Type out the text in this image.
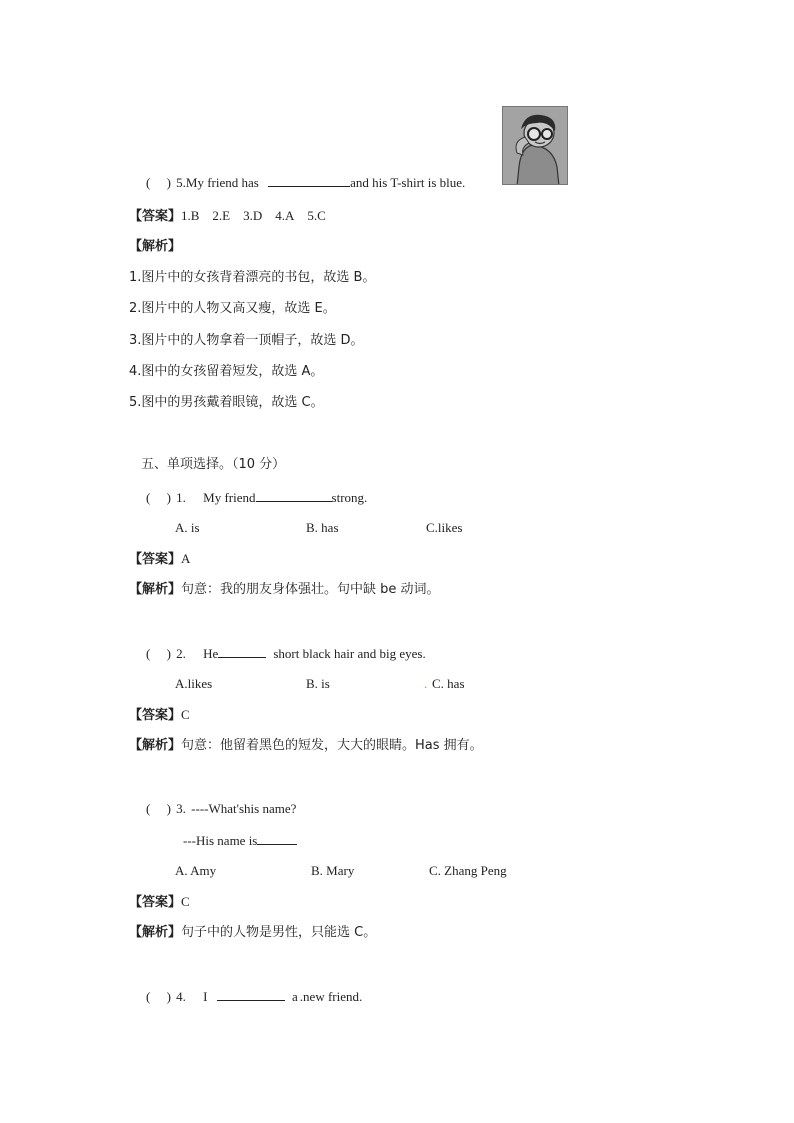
(     ) 5.My friend has	and his T-shirt is blue.
【答案】1.B    2.E    3.D    4.A    5.C
【解析】
1.图片中的女孩背着漂亮的书包，故选 B。
2.图片中的人物又高又瘦，故选 E。
3.图片中的人物拿着一顶帽子，故选 D。
4.图中的女孩留着短发，故选 A。
5.图中的男孩戴着眼镜，故选 C。
五、单项选择。（10 分）
(     ) 1. My friend	strong.
A. is	B. has	C.likes
【答案】A
【解析】句意：我的朋友身体强壮。句中缺 be 动词。
(     ) 2. He	short black hair and big eyes.
A.likes	B. is	. C. has
【答案】C
【解析】句意：他留着黑色的短发，大大的眼睛。Has 拥有。
(     ) 3. ----What'shis name?
---His name is
A. Amy	B. Mary	C. Zhang Peng
【答案】C
【解析】句子中的人物是男性，只能选 C。
(     ) 4. I	a .new friend.
